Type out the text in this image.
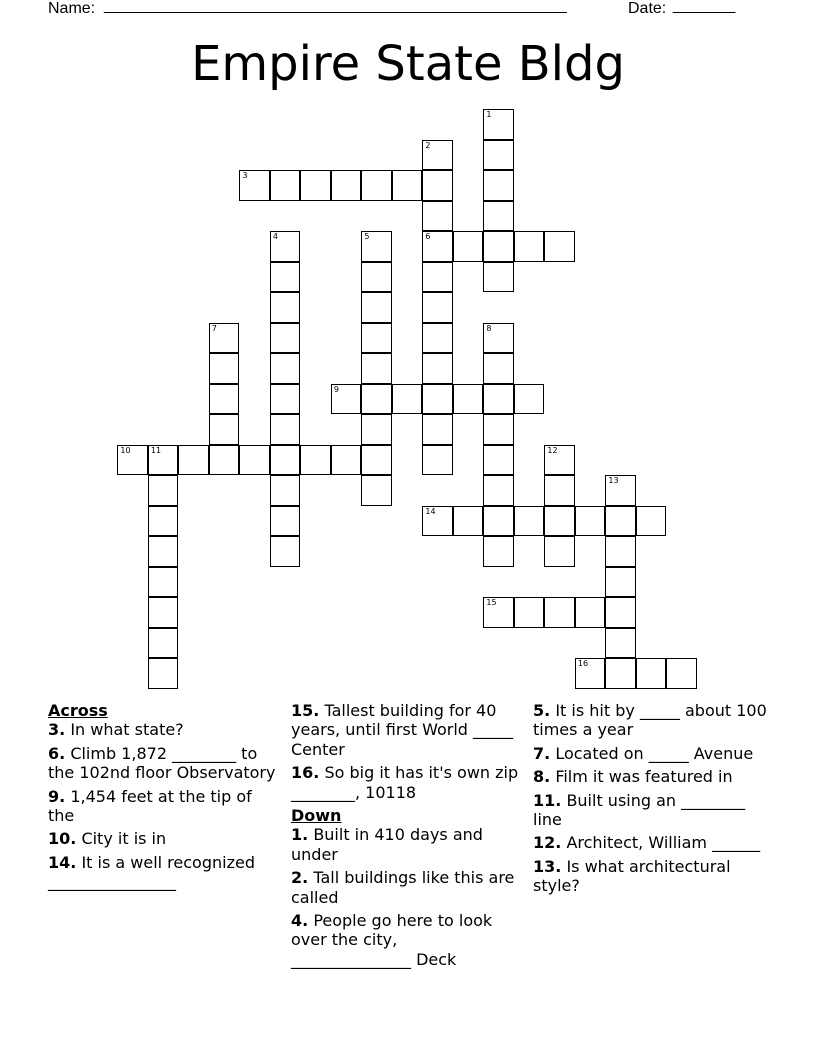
Name: ____________________________________________________	Date: _______
Empire State Bldg
1
2
6
3
4	5
7	8
9
10	11	12
13
14
15
16
Across
3. In what state?
6. Climb 1,872 ________ to the 102nd floor Observatory
9. 1,454 feet at the tip of the
10. City it is in
14. It is a well recognized ________________
15. Tallest building for 40 years, until first World _____ Center
16. So big it has it's own zip ________, 10118
Down
1. Built in 410 days and under
2. Tall buildings like this are called
4. People go here to look over the city, _______________ Deck
5. It is hit by _____ about 100 times a year
7. Located on _____ Avenue
8. Film it was featured in
11. Built using an ________ line
12. Architect, William ______
13. Is what architectural style?
